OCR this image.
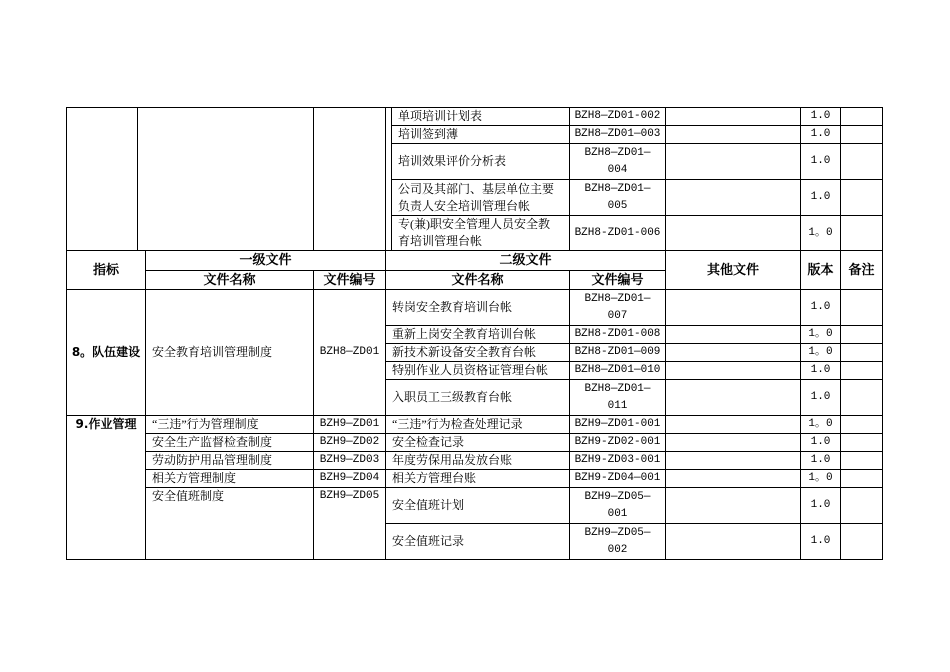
					单项培训计划表	BZH8—ZD01-002		1.0	
					培训签到薄	BZH8—ZD01—003		1.0	
					培训效果评价分析表	BZH8—ZD01—004		1.0	
					公司及其部门、基层单位主要负责人安全培训管理台帐	BZH8—ZD01—005		1.0	
					专(兼)职安全管理人员安全教育培训管理台帐	BZH8-ZD01-006		1。0	
指标		一级文件		二级文件			其他文件	版本	备注
		文件名称	文件编号	文件名称		文件编号			
8。队伍建设		安全教育培训管理制度	BZH8—ZD01	转岗安全教育培训台帐		BZH8—ZD01—007		1.0	
				重新上岗安全教育培训台帐		BZH8-ZD01-008		1。0	
				新技术新设备安全教育台帐		BZH8-ZD01—009		1。0	
				特别作业人员资格证管理台帐		BZH8—ZD01—010		1.0	
				入职员工三级教育台帐		BZH8—ZD01—011		1.0	
9.作业管理		“三违”行为管理制度	BZH9—ZD01	“三违”行为检查处理记录		BZH9—ZD01-001		1。0	
		安全生产监督检查制度	BZH9—ZD02	安全检查记录		BZH9-ZD02-001		1.0	
		劳动防护用品管理制度	BZH9—ZD03	年度劳保用品发放台账		BZH9-ZD03-001		1.0	
		相关方管理制度	BZH9—ZD04	相关方管理台账		BZH9-ZD04—001		1。0	
		安全值班制度	BZH9—ZD05	安全值班计划		BZH9—ZD05—001		1.0	
				安全值班记录		BZH9—ZD05—002		1.0	
